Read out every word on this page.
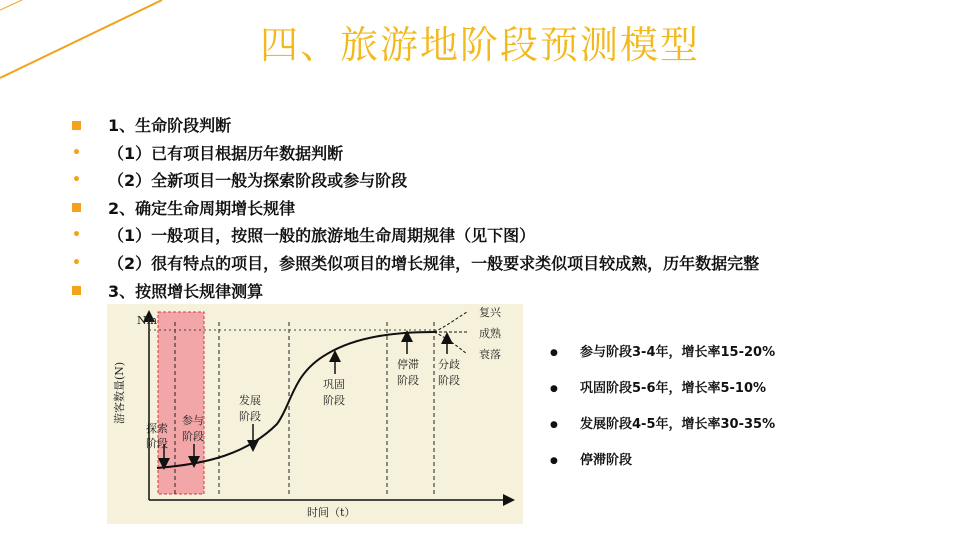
四、旅游地阶段预测模型
1、生命阶段判断
•	（1）已有项目根据历年数据判断
•	（2）全新项目一般为探索阶段或参与阶段
2、确定生命周期增长规律
•	（1）一般项目，按照一般的旅游地生命周期规律（见下图）
•	（2）很有特点的项目，参照类似项目的增长规律，一般要求类似项目较成熟，历年数据完整
3、按照增长规律测算
Nm
游客数量(N)
时间（t）
探索
阶段
参与
阶段
发展
阶段
巩固
阶段
停滞
阶段
分歧
阶段
复兴
成熟
衰落	● 参与阶段3-4年，增长率15-20%
● 巩固阶段5-6年，增长率5-10%
● 发展阶段4-5年，增长率30-35%
● 停滞阶段
